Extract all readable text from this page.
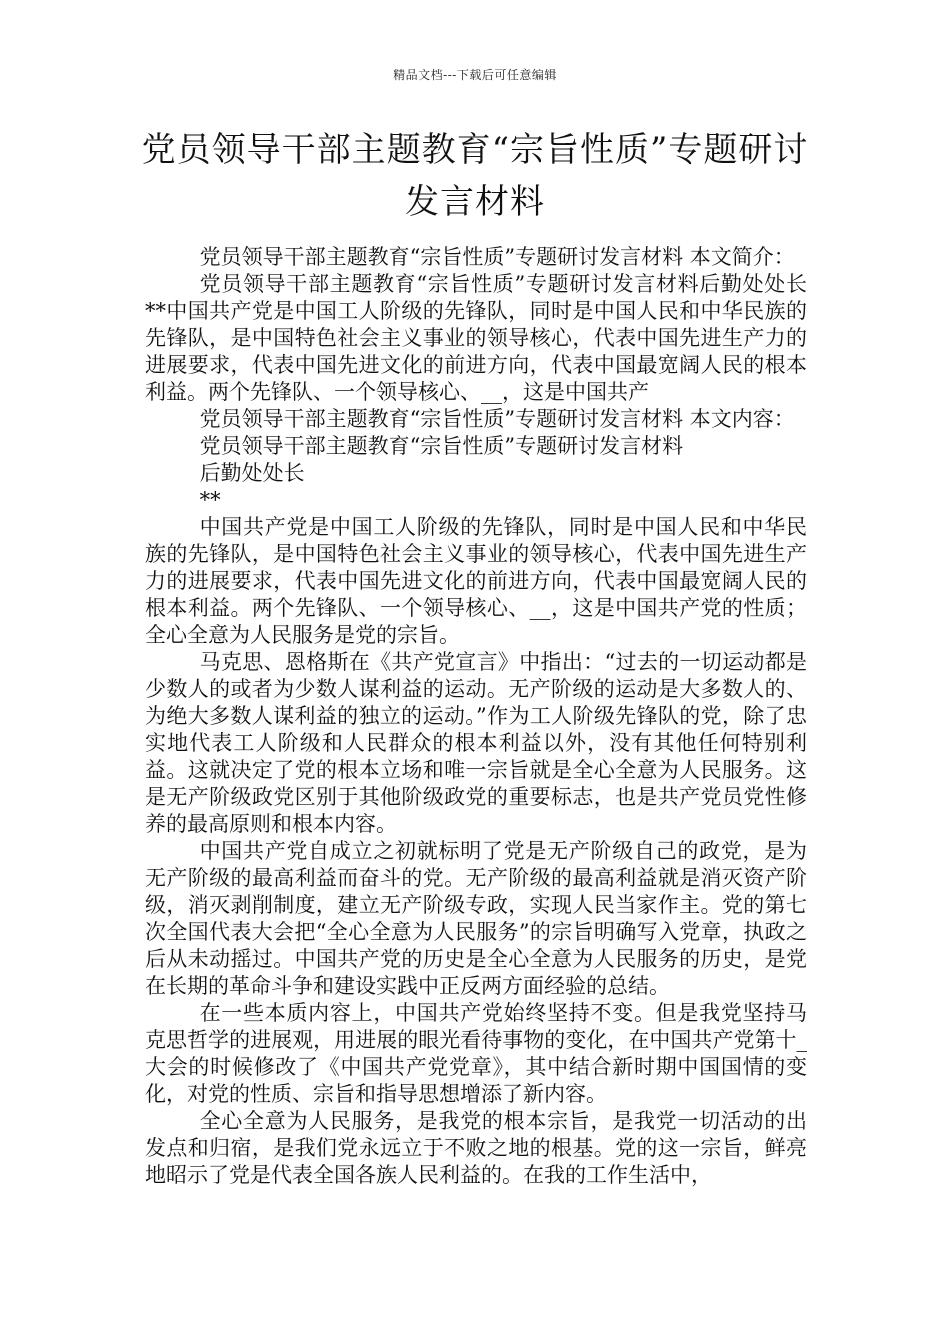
精品文档---下载后可任意编辑
党员领导干部主题教育“宗旨性质”专题研讨发言材料

党员领导干部主题教育“宗旨性质”专题研讨发言材料 本文简介：

党员领导干部主题教育“宗旨性质”专题研讨发言材料后勤处处长**中国共产党是中国工人阶级的先锋队，同时是中国人民和中华民族的先锋队，是中国特色社会主义事业的领导核心，代表中国先进生产力的进展要求，代表中国先进文化的前进方向，代表中国最宽阔人民的根本利益。两个先锋队、一个领导核心、__，这是中国共产

党员领导干部主题教育“宗旨性质”专题研讨发言材料 本文内容：

党员领导干部主题教育“宗旨性质”专题研讨发言材料

后勤处处长

**

中国共产党是中国工人阶级的先锋队，同时是中国人民和中华民族的先锋队，是中国特色社会主义事业的领导核心，代表中国先进生产力的进展要求，代表中国先进文化的前进方向，代表中国最宽阔人民的根本利益。两个先锋队、一个领导核心、__，这是中国共产党的性质；全心全意为人民服务是党的宗旨。

马克思、恩格斯在《共产党宣言》中指出：“过去的一切运动都是少数人的或者为少数人谋利益的运动。无产阶级的运动是大多数人的、为绝大多数人谋利益的独立的运动。”作为工人阶级先锋队的党，除了忠实地代表工人阶级和人民群众的根本利益以外，没有其他任何特别利益。这就决定了党的根本立场和唯一宗旨就是全心全意为人民服务。这是无产阶级政党区别于其他阶级政党的重要标志，也是共产党员党性修养的最高原则和根本内容。

中国共产党自成立之初就标明了党是无产阶级自己的政党，是为无产阶级的最高利益而奋斗的党。无产阶级的最高利益就是消灭资产阶级，消灭剥削制度，建立无产阶级专政，实现人民当家作主。党的第七次全国代表大会把“全心全意为人民服务”的宗旨明确写入党章，执政之后从未动摇过。中国共产党的历史是全心全意为人民服务的历史，是党在长期的革命斗争和建设实践中正反两方面经验的总结。

在一些本质内容上，中国共产党始终坚持不变。但是我党坚持马克思哲学的进展观，用进展的眼光看待事物的变化，在中国共产党第十_大会的时候修改了《中国共产党党章》，其中结合新时期中国国情的变化，对党的性质、宗旨和指导思想增添了新内容。

全心全意为人民服务，是我党的根本宗旨，是我党一切活动的出发点和归宿，是我们党永远立于不败之地的根基。党的这一宗旨，鲜亮地昭示了党是代表全国各族人民利益的。在我的工作生活中，
